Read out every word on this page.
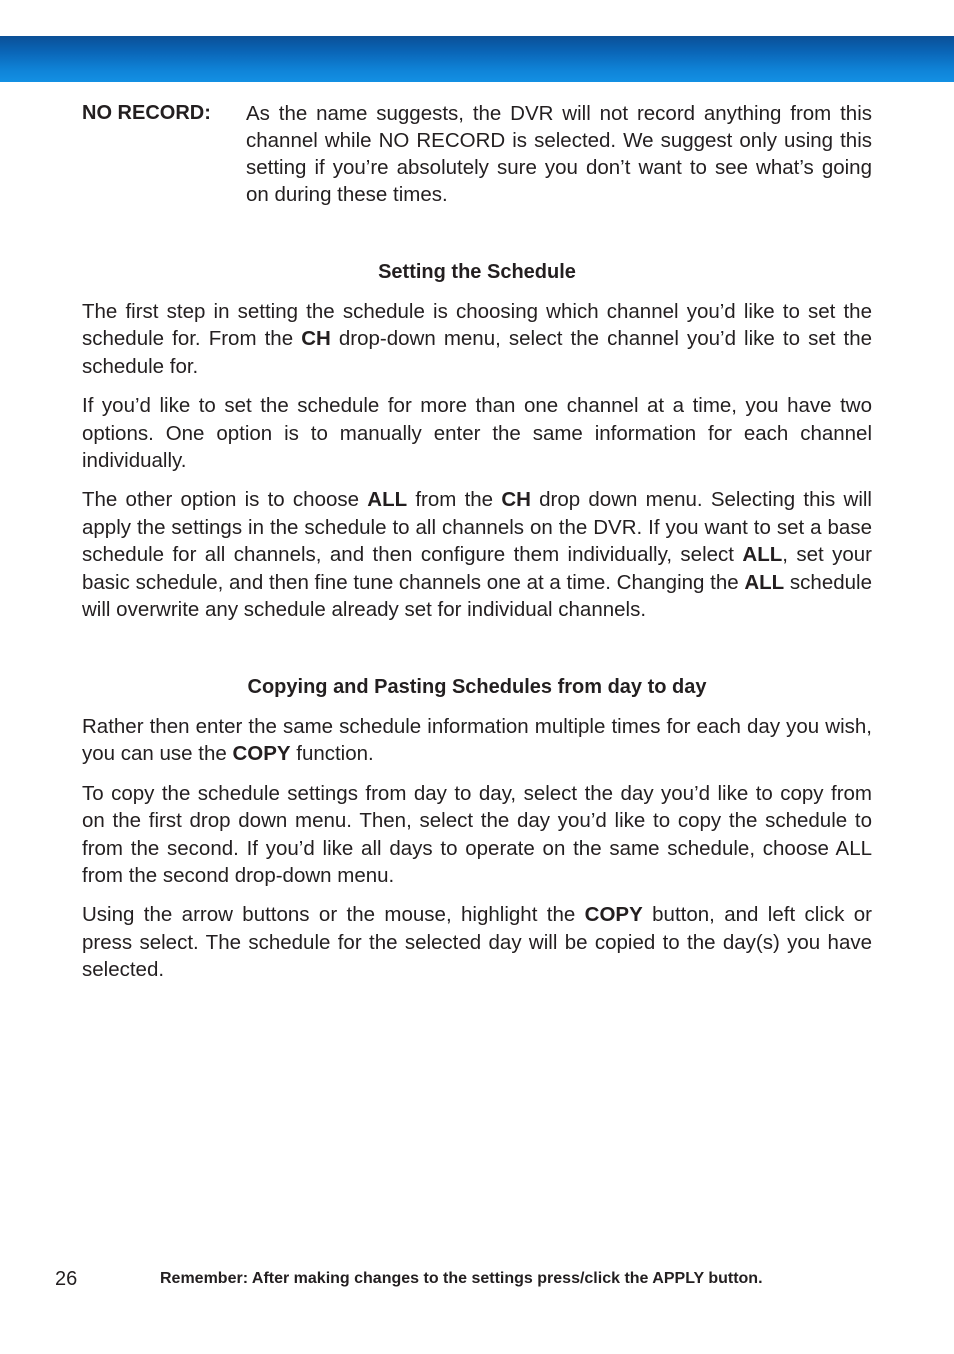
NO RECORD: As the name suggests, the DVR will not record anything from this channel while NO RECORD is selected. We suggest only using this setting if you’re absolutely sure you don’t want to see what’s going on during these times.

Setting the Schedule

The first step in setting the schedule is choosing which channel you’d like to set the schedule for. From the CH drop-down menu, select the channel you’d like to set the schedule for.

If you’d like to set the schedule for more than one channel at a time, you have two options. One option is to manually enter the same information for each channel individually.

The other option is to choose ALL from the CH drop down menu. Selecting this will apply the settings in the schedule to all channels on the DVR. If you want to set a base schedule for all channels, and then configure them individually, select ALL, set your basic schedule, and then fine tune channels one at a time. Changing the ALL schedule will overwrite any schedule already set for individual channels.

Copying and Pasting Schedules from day to day

Rather then enter the same schedule information multiple times for each day you wish, you can use the COPY function.

To copy the schedule settings from day to day, select the day you’d like to copy from on the first drop down menu. Then, select the day you’d like to copy the schedule to from the second. If you’d like all days to operate on the same schedule, choose ALL from the second drop-down menu.

Using the arrow buttons or the mouse, highlight the COPY button, and left click or press select. The schedule for the selected day will be copied to the day(s) you have selected.

26	Remember: After making changes to the settings press/click the APPLY button.
